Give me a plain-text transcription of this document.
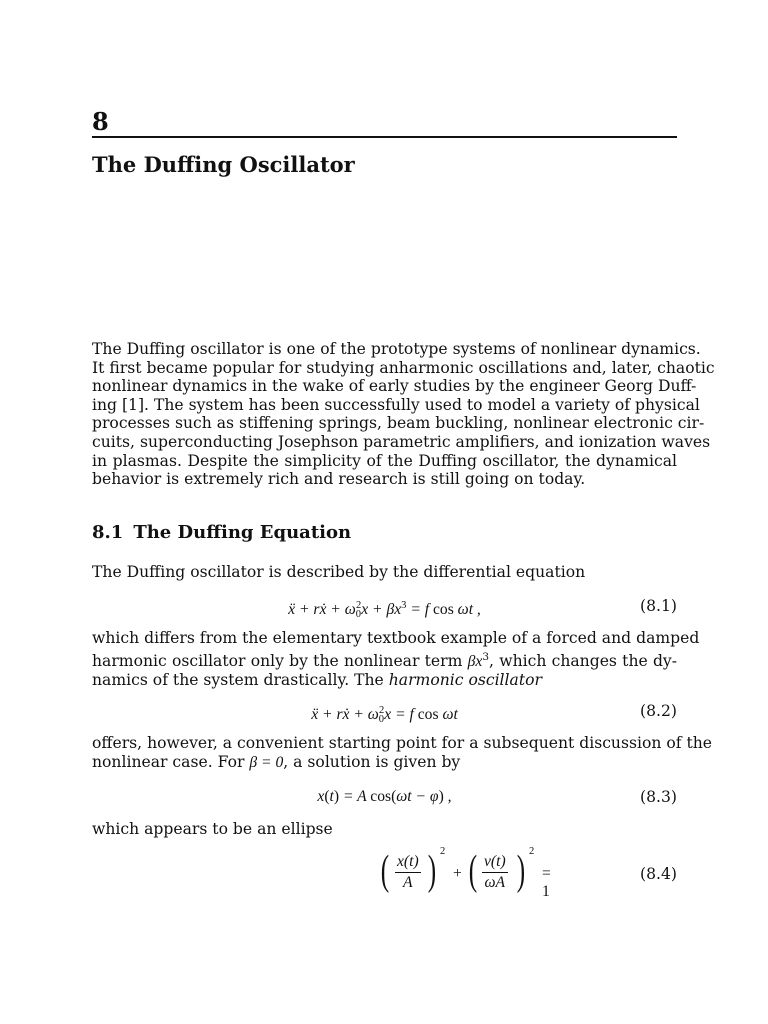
8
The Duffing Oscillator
The Duffing oscillator is one of the prototype systems of nonlinear dynamics.
It first became popular for studying anharmonic oscillations and, later, chaotic
nonlinear dynamics in the wake of early studies by the engineer Georg Duff-
ing [1]. The system has been successfully used to model a variety of physical
processes such as stiffening springs, beam buckling, nonlinear electronic cir-
cuits, superconducting Josephson parametric amplifiers, and ionization waves
in plasmas. Despite the simplicity of the Duffing oscillator, the dynamical
behavior is extremely rich and research is still going on today.
8.1 The Duffing Equation
The Duffing oscillator is described by the differential equation
ẍ + rẋ + $\omega 0^2x + \beta x^3 = f$ cos ωt ,	(8.1)
which differs from the elementary textbook example of a forced and damped
harmonic oscillator only by the nonlinear term $\beta x^3$, which changes the dy-
namics of the system drastically. The harmonic oscillator
ẍ + rẋ + $\omega 0^2x = f$ cos ωt	(8.2)
offers, however, a convenient starting point for a subsequent discussion of the
nonlinear case. For β = 0, a solution is given by
x(t) = A cos(ωt − φ) ,	(8.3)
which appears to be an ellipse
( $\frac{x(t)}{A}$ ) 2
+ ( $\frac{v(t)}{\omega A}$ ) 2
= 1
(8.4)
